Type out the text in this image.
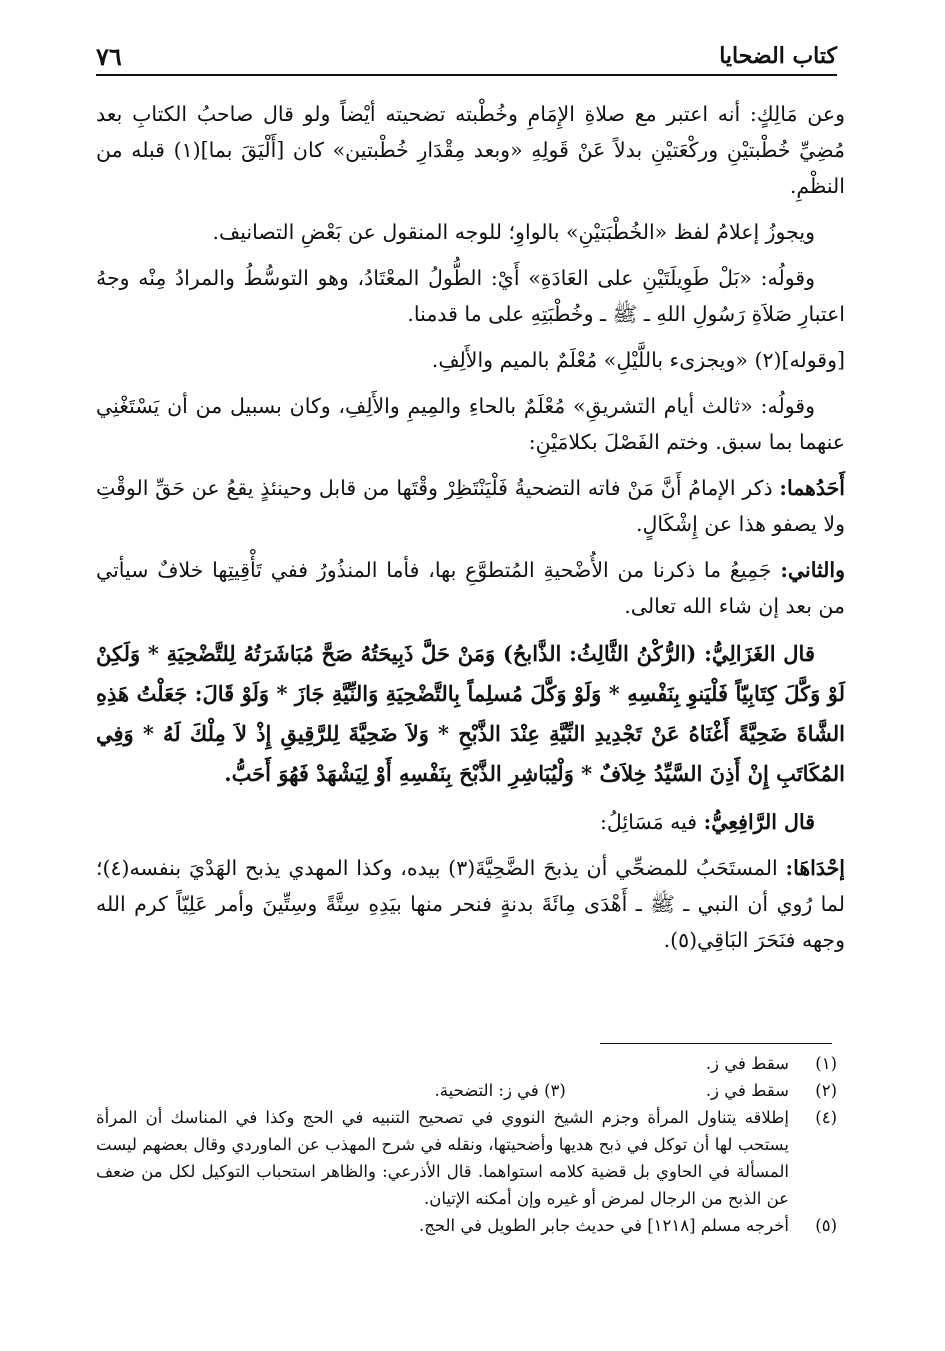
كتاب الضحايا
٧٦

وعن مَالِكٍ: أنه اعتبر مع صلاةِ الإِمَامِ وخُطْبته تضحيته أيْضاً ولو قال صاحبُ الكتابِ بعد مُضِيِّ خُطْبتيْنِ وركْعَتيْنِ بدلاً عَنْ قَولِهِ «وبعد مِقْدَارِ خُطْبتين» كان [أَلْيَقَ بما](١) قبله من النظْمِ.

ويجوزُ إعلامُ لفظ «الخُطْبَتيْنِ» بالواوِ؛ للوجه المنقول عن بَعْضِ التصانيف.

وقولُه: «بَلْ طَوِيلَتَيْنِ على العَادَةِ» أَيْ: الطُّولُ المعْتَادُ، وهو التوسُّطُ والمرادُ مِنْه وجهُ اعتبارِ صَلاَةِ رَسُولِ اللهِ ـ ﷺ ـ وخُطْبَتِهِ على ما قدمنا.

[وقوله](٢) «ويجزىء باللَّيْلِ» مُعْلَمٌ بالميم والأَلِفِ.

وقولُه: «ثالث أيام التشريقِ» مُعْلَمٌ بالحاءِ والمِيمِ والأَلِفِ، وكان بسبيل من أن يَسْتَغْنِي عنهما بما سبق. وختم الفَصْلَ بكلامَيْنِ:

أَحَدُهما: ذكر الإمامُ أَنَّ مَنْ فاته التضحيةُ فَلْيَنْتَظِرْ وقْتَها من قابل وحينئذٍ يقعُ عن حَقِّ الوقْتِ ولا يصفو هذا عن إِشْكَالٍ.

والثاني: جَمِيعُ ما ذكرنا من الأُضْحيةِ المُتطوَّعِ بها، فأما المنذُورُ ففي تَأْقِيتِها خلافٌ سيأتي من بعد إن شاء الله تعالى.

قال الغَزَالِيُّ: (الرُّكْنُ الثَّالِثُ: الذَّابحُ) وَمَنْ حَلَّ ذَبِيحَتُهُ صَحَّ مُبَاشَرَتُهُ لِلتَّضْحِيَةِ * وَلَكِنْ لَوْ وَكَّلَ كِتَابِيّاً فَلْيَنوِ بِنَفْسِهِ * وَلَوْ وَكَّلَ مُسلِماً بِالتَّضْحِيَةِ وَالنِّيَّةِ جَازَ * وَلَوْ قَالَ: جَعَلْتُ هَذِهِ الشَّاةَ ضَحِيَّةً أَغْنَاهُ عَنْ تَجْدِيدِ النِّيَّةِ عِنْدَ الذَّبْحِ * وَلاَ ضَحِيَّةَ لِلرَّقِيقِ إِذْ لاَ مِلْكَ لَهُ * وَفِي المُكَاتَبِ إِنْ أَذِنَ السَّيِّدُ خِلاَفٌ * وَلْيُبَاشِرِ الذَّبْحَ بِنَفْسِهِ أَوْ لِيَشْهَدْ فَهُوَ أَحَبُّ.

قال الرَّافِعِيُّ: فيه مَسَائِلُ:

إحْدَاهَا: المستَحَبُ للمضحِّي أن يذبحَ الضَّحِيَّةَ(٣) بيده، وكذا المهدي يذبح الهَدْيَ بنفسه(٤)؛ لما رُوي أن النبي ـ ﷺ ـ أَهْدَى مِائَةَ بدنةٍ فنحر منها بيَدِهِ سِتَّةً وسِتِّينَ وأمر عَلِيّاً كرم الله وجهه فنَحَرَ البَاقِي(٥).

(١)
سقط في ز.
(٢)
سقط في ز.(٣) في ز: التضحية.
(٤)
إطلاقه يتناول المرأة وجزم الشيخ النووي في تصحيح التنبيه في الحج وكذا في المناسك أن المرأة يستحب لها أن توكل في ذبح هديها وأضحيتها، ونقله في شرح المهذب عن الماوردي وقال بعضهم ليست المسألة في الحاوي بل قضية كلامه استواهما. قال الأذرعي: والظاهر استحباب التوكيل لكل من ضعف عن الذبح من الرجال لمرض أو غيره وإن أمكنه الإتيان.
(٥)
أخرجه مسلم [١٢١٨] في حديث جابر الطويل في الحج.
